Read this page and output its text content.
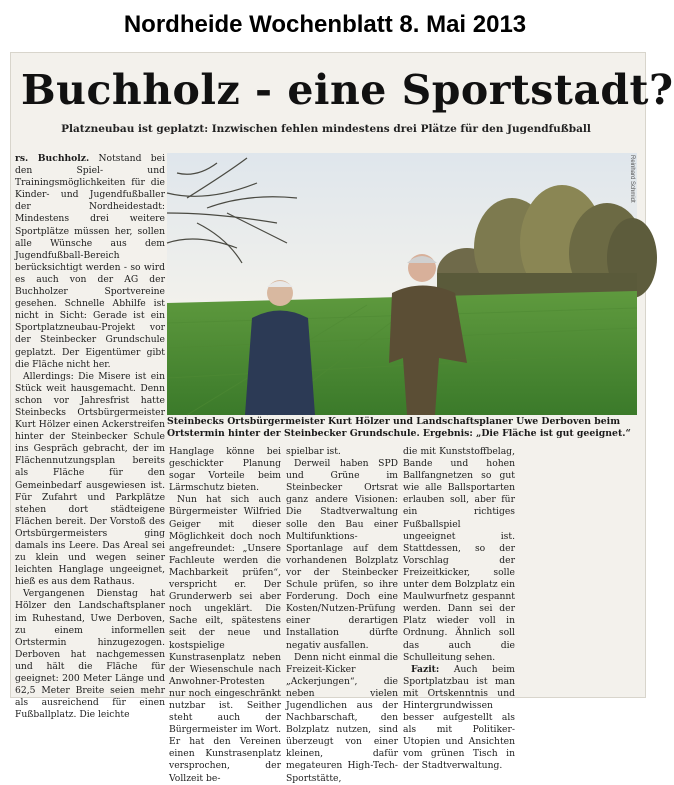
Nordheide Wochenblatt 8. Mai 2013
Buchholz - eine Sportstadt?
Platzneubau ist geplatzt: Inzwischen fehlen mindestens drei Plätze für den Jugendfußball

rs. Buchholz. Notstand bei den Spiel- und Trainingsmöglichkeiten für die Kinder- und Jugendfußballer der Nordheidestadt: Mindestens drei weitere Sportplätze müssen her, sollen alle Wünsche aus dem Jugendfußball-Bereich berücksichtigt werden - so wird es auch von der AG der Buchholzer Sportvereine gesehen. Schnelle Abhilfe ist nicht in Sicht: Gerade ist ein Sportplatzneubau-Projekt vor der Steinbecker Grundschule geplatzt. Der Eigentümer gibt die Fläche nicht her.

Allerdings: Die Misere ist ein Stück weit hausgemacht. Denn schon vor Jahresfrist hatte Steinbecks Ortsbürgermeister Kurt Hölzer einen Ackerstreifen hinter der Steinbecker Schule ins Gespräch gebracht, der im Flächennutzungsplan bereits als Fläche für den Gemeinbedarf ausgewiesen ist. Für Zufahrt und Parkplätze stehen dort städteigene Flächen bereit. Der Vorstoß des Ortsbürgermeisters ging damals ins Leere. Das Areal sei zu klein und wegen seiner leichten Hanglage ungeeignet, hieß es aus dem Rathaus.

Vergangenen Dienstag hat Hölzer den Landschaftsplaner im Ruhestand, Uwe Derboven, zu einem informellen Ortstermin hinzugezogen. Derboven hat nachgemessen und hält die Fläche für geeignet: 200 Meter Länge und 62,5 Meter Breite seien mehr als ausreichend für einen Fußballplatz. Die leichte

Reinhard Schmidt
Steinbecks Ortsbürgermeister Kurt Hölzer und Landschaftsplaner Uwe Derboven beim Ortstermin hinter der Steinbecker Grundschule. Ergebnis: „Die Fläche ist gut geeignet.“

Hanglage könne bei geschickter Planung sogar Vorteile beim Lärmschutz bieten.

Nun hat sich auch Bürgermeister Wilfried Geiger mit dieser Möglichkeit doch noch angefreundet: „Unsere Fachleute werden die Machbarkeit prüfen“, verspricht er. Der Grunderwerb sei aber noch ungeklärt. Die Sache eilt, spätestens seit der neue und kostspielige Kunstrasenplatz neben der Wiesenschule nach Anwohner-Protesten nur noch eingeschränkt nutzbar ist. Seither steht auch der Bürgermeister im Wort. Er hat den Vereinen einen Kunstrasenplatz versprochen, der Vollzeit be-

spielbar ist.

Derweil haben SPD und Grüne im Steinbecker Ortsrat ganz andere Visionen: Die Stadtverwaltung solle den Bau einer Multifunktions-Sportanlage auf dem vorhandenen Bolzplatz vor der Steinbecker Schule prüfen, so ihre Forderung. Doch eine Kosten/Nutzen-Prüfung einer derartigen Installation dürfte negativ ausfallen.

Denn nicht einmal die Freizeit-Kicker „Ackerjungen“, die neben vielen Jugendlichen aus der Nachbarschaft, den Bolzplatz nutzen, sind überzeugt von einer kleinen, dafür megateuren High-Tech-Sportstätte,

die mit Kunststoffbelag, Bande und hohen Ballfangnetzen so gut wie alle Ballsportarten erlauben soll, aber für ein richtiges Fußballspiel ungeeignet ist. Stattdessen, so der Vorschlag der Freizeitkicker, solle unter dem Bolzplatz ein Maulwurfnetz gespannt werden. Dann sei der Platz wieder voll in Ordnung. Ähnlich soll das auch die Schulleitung sehen.

Fazit: Auch beim Sportplatzbau ist man mit Ortskenntnis und Hintergrundwissen besser aufgestellt als als mit Politiker-Utopien und Ansichten vom grünen Tisch in der Stadtverwaltung.
